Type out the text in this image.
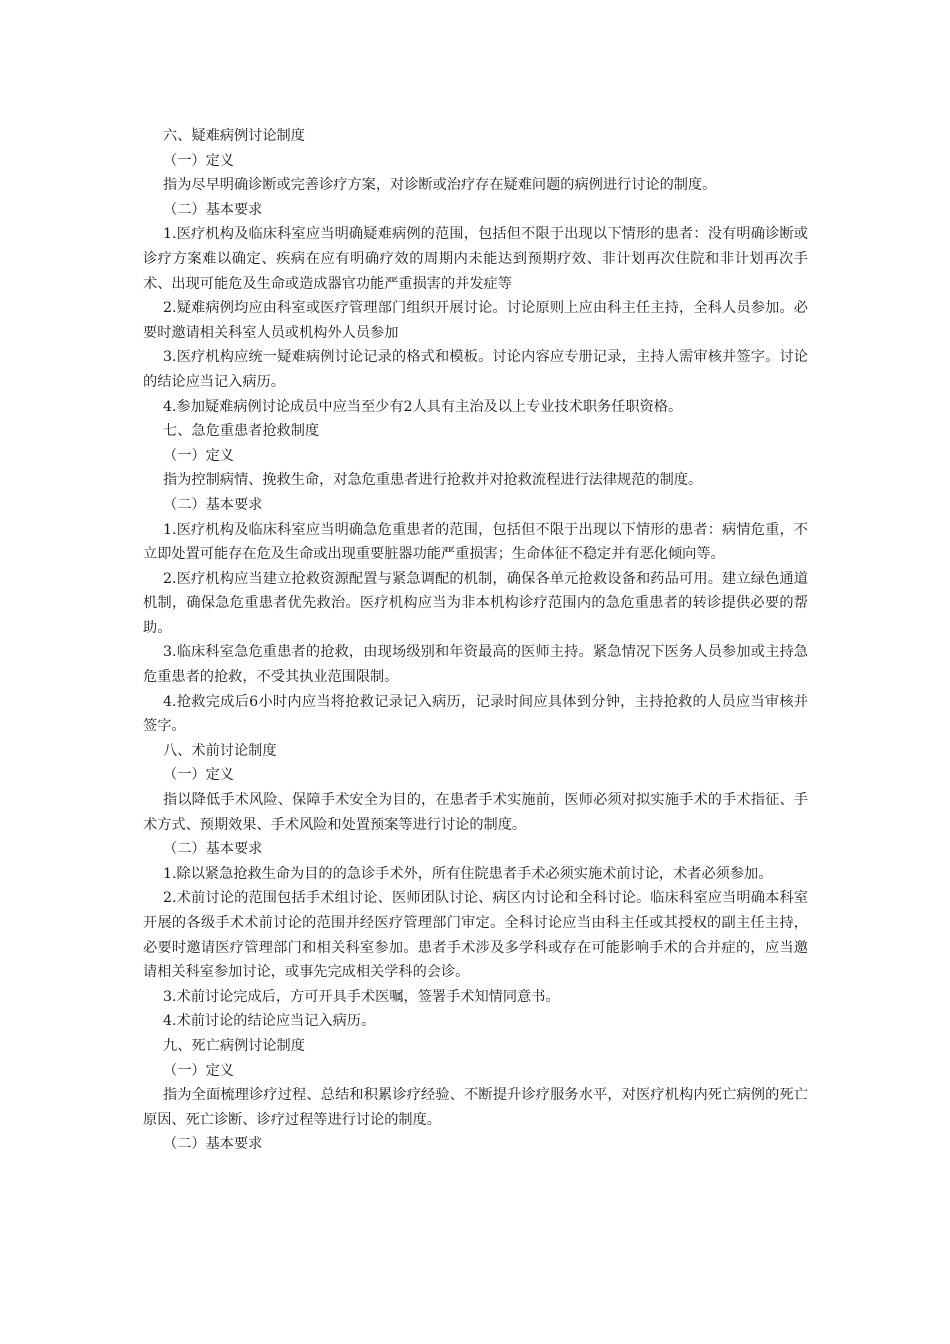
六、疑难病例讨论制度

（一）定义

指为尽早明确诊断或完善诊疗方案，对诊断或治疗存在疑难问题的病例进行讨论的制度。

（二）基本要求

1.医疗机构及临床科室应当明确疑难病例的范围，包括但不限于出现以下情形的患者：没有明确诊断或诊疗方案难以确定、疾病在应有明确疗效的周期内未能达到预期疗效、非计划再次住院和非计划再次手术、出现可能危及生命或造成器官功能严重损害的并发症等

2.疑难病例均应由科室或医疗管理部门组织开展讨论。讨论原则上应由科主任主持，全科人员参加。必要时邀请相关科室人员或机构外人员参加

3.医疗机构应统一疑难病例讨论记录的格式和模板。讨论内容应专册记录，主持人需审核并签字。讨论的结论应当记入病历。

4.参加疑难病例讨论成员中应当至少有2人具有主治及以上专业技术职务任职资格。

七、急危重患者抢救制度

（一）定义

指为控制病情、挽救生命，对急危重患者进行抢救并对抢救流程进行法律规范的制度。

（二）基本要求

1.医疗机构及临床科室应当明确急危重患者的范围，包括但不限于出现以下情形的患者：病情危重，不立即处置可能存在危及生命或出现重要脏器功能严重损害；生命体征不稳定并有恶化倾向等。

2.医疗机构应当建立抢救资源配置与紧急调配的机制，确保各单元抢救设备和药品可用。建立绿色通道机制，确保急危重患者优先救治。医疗机构应当为非本机构诊疗范围内的急危重患者的转诊提供必要的帮助。

3.临床科室急危重患者的抢救，由现场级别和年资最高的医师主持。紧急情况下医务人员参加或主持急危重患者的抢救，不受其执业范围限制。

4.抢救完成后6小时内应当将抢救记录记入病历，记录时间应具体到分钟，主持抢救的人员应当审核并签字。

八、术前讨论制度

（一）定义

指以降低手术风险、保障手术安全为目的，在患者手术实施前，医师必须对拟实施手术的手术指征、手术方式、预期效果、手术风险和处置预案等进行讨论的制度。

（二）基本要求

1.除以紧急抢救生命为目的的急诊手术外，所有住院患者手术必须实施术前讨论，术者必须参加。

2.术前讨论的范围包括手术组讨论、医师团队讨论、病区内讨论和全科讨论。临床科室应当明确本科室开展的各级手术术前讨论的范围并经医疗管理部门审定。全科讨论应当由科主任或其授权的副主任主持，必要时邀请医疗管理部门和相关科室参加。患者手术涉及多学科或存在可能影响手术的合并症的，应当邀请相关科室参加讨论，或事先完成相关学科的会诊。

3.术前讨论完成后，方可开具手术医嘱，签署手术知情同意书。

4.术前讨论的结论应当记入病历。

九、死亡病例讨论制度

（一）定义

指为全面梳理诊疗过程、总结和积累诊疗经验、不断提升诊疗服务水平，对医疗机构内死亡病例的死亡原因、死亡诊断、诊疗过程等进行讨论的制度。

（二）基本要求
